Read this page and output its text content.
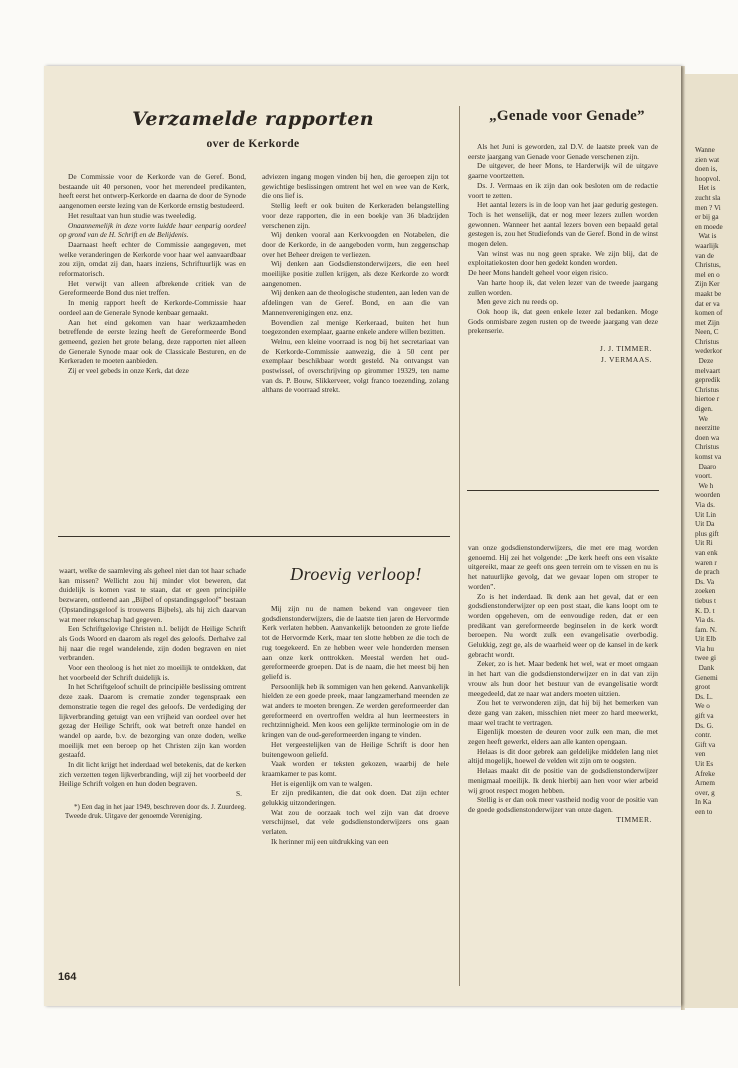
Verzamelde rapporten
over de Kerkorde

De Commissie voor de Kerkorde van de Geref. Bond, bestaande uit 40 personen, voor het merendeel predikanten, heeft eerst het ontwerp-Kerkorde en daarna de door de Synode aangenomen eerste lezing van de Kerkorde ernstig bestudeerd.

Het resultaat van hun studie was tweeledig.

Onaannemelijk in deze vorm luidde haar eenparig oordeel op grond van de H. Schrift en de Belijdenis.

Daarnaast heeft echter de Commissie aangegeven, met welke veranderingen de Kerkorde voor haar wel aanvaardbaar zou zijn, omdat zij dan, haars inziens, Schriftuurlijk was en reformatorisch.

Het verwijt van alleen afbrekende critiek van de Gereformeerde Bond dus niet treffen.

In menig rapport heeft de Kerkorde-Commissie haar oordeel aan de Generale Synode kenbaar gemaakt.

Aan het eind gekomen van haar werkzaamheden betreffende de eerste lezing heeft de Gereformeerde Bond gemeend, gezien het grote belang, deze rapporten niet alleen de Generale Synode maar ook de Classicale Besturen, en de Kerkeraden te moeten aanbieden.

Zij er veel gebeds in onze Kerk, dat deze

adviezen ingang mogen vinden bij hen, die geroepen zijn tot gewichtige beslissingen omtrent het wel en wee van de Kerk, die ons lief is.

Stellig leeft er ook buiten de Kerkeraden belangstelling voor deze rapporten, die in een boekje van 36 bladzijden verschenen zijn.

Wij denken vooral aan Kerkvoogden en Notabelen, die door de Kerkorde, in de aangeboden vorm, hun zeggenschap over het Beheer dreigen te verliezen.

Wij denken aan Godsdienstonderwijzers, die een heel moeilijke positie zullen krijgen, als deze Kerkorde zo wordt aangenomen.

Wij denken aan de theologische studenten, aan leden van de afdelingen van de Geref. Bond, en aan die van Mannenverenigingen enz. enz.

Bovendien zal menige Kerkeraad, buiten het hun toegezonden exemplaar, gaarne enkele andere willen bezitten.

Welnu, een kleine voorraad is nog bij het secretariaat van de Kerkorde-Commissie aanwezig, die à 50 cent per exemplaar beschikbaar wordt gesteld. Na ontvangst van postwissel, of overschrijving op girommer 19329, ten name van ds. P. Bouw, Slikkerveer, volgt franco toezending, zolang althans de voorraad strekt.

„Genade voor Genade”

Als het Juni is geworden, zal D.V. de laatste preek van de eerste jaargang van Genade voor Genade verschenen zijn.

De uitgever, de heer Mons, te Harderwijk wil de uitgave gaarne voortzetten.

Ds. J. Vermaas en ik zijn dan ook besloten om de redactie voort te zetten.

Het aantal lezers is in de loop van het jaar gedurig gestegen. Toch is het wenselijk, dat er nog meer lezers zullen worden gewonnen. Wanneer het aantal lezers boven een bepaald getal gestegen is, zou het Studiefonds van de Geref. Bond in de winst mogen delen.

Van winst was nu nog geen sprake. We zijn blij, dat de exploitatiekosten door hen gedekt konden worden.

De heer Mons handelt geheel voor eigen risico.

Van harte hoop ik, dat velen lezer van de tweede jaargang zullen worden.

Men geve zich nu reeds op.

Ook hoop ik, dat geen enkele lezer zal bedanken. Moge Gods onmisbare zegen rusten op de tweede jaargang van deze prekenserie.

J. J. TIMMER.
J. VERMAAS.

waart, welke de saamleving als geheel niet dan tot haar schade kan missen? Wellicht zou hij minder vlot beweren, dat duidelijk is komen vast te staan, dat er geen principiële bezwaren, ontleend aan „Bijbel of opstandingsgeloof” bestaan (Opstandingsgeloof is trouwens Bijbels), als hij zich daarvan wat meer rekenschap had gegeven.

Een Schriftgelovige Christen n.l. belijdt de Heilige Schrift als Gods Woord en daarom als regel des geloofs. Derhalve zal hij naar die regel wandelende, zijn doden begraven en niet verbranden.

Voor een theoloog is het niet zo moeilijk te ontdekken, dat het voorbeeld der Schrift duidelijk is.

In het Schriftgeloof schuilt de principiële beslissing omtrent deze zaak. Daarom is crematie zonder tegenspraak een demonstratie tegen die regel des geloofs. De verdediging der lijkverbranding getuigt van een vrijheid van oordeel over het gezag der Heilige Schrift, ook wat betreft onze handel en wandel op aarde, b.v. de bezorging van onze doden, welke moeilijk met een beroep op het Christen zijn kan worden gestaafd.

In dit licht krijgt het inderdaad wel betekenis, dat de kerken zich verzetten tegen lijkverbranding, wijl zij het voorbeeld der Heilige Schrift volgen en hun doden begraven.

S.

*) Een dag in het jaar 1949, beschreven door ds. J. Zuurdeeg. Tweede druk. Uitgave der genoemde Vereniging.

Droevig verloop!

Mij zijn nu de namen bekend van ongeveer tien godsdienstonderwijzers, die de laatste tien jaren de Hervormde Kerk verlaten hebben. Aanvankelijk betoonden ze grote liefde tot de Hervormde Kerk, maar ten slotte hebben ze die toch de rug toegekeerd. En ze hebben weer vele honderden mensen aan onze kerk onttrokken. Meestal werden het oud-gereformeerde groepen. Dat is de naam, die het meest bij hen geliefd is.

Persoonlijk heb ik sommigen van hen gekend. Aanvankelijk hielden ze een goede preek, maar langzamerhand meenden ze wat anders te moeten brengen. Ze werden gereformeerder dan gereformeerd en overtroffen weldra al hun leermeesters in rechtzinnigheid. Men koos een gelijkte terminologie om in de kringen van de oud-gereformeerden ingang te vinden.

Het vergeestelijken van de Heilige Schrift is door hen buitengewoon geliefd.

Vaak worden er teksten gekozen, waarbij de hele kraamkamer te pas komt.

Het is eigenlijk om van te walgen.

Er zijn predikanten, die dat ook doen. Dat zijn echter gelukkig uitzonderingen.

Wat zou de oorzaak toch wel zijn van dat droeve verschijnsel, dat vele godsdienstonderwijzers ons gaan verlaten.

Ik herinner mij een uitdrukking van een

van onze godsdienstonderwijzers, die met ere mag worden genoemd. Hij zei het volgende: „De kerk heeft ons een visakte uitgereikt, maar ze geeft ons geen terrein om te vissen en nu is het natuurlijke gevolg, dat we gevaar lopen om stroper te worden”.

Zo is het inderdaad. Ik denk aan het geval, dat er een godsdienstonderwijzer op een post staat, die kans loopt om te worden opgeheven, om de eenvoudige reden, dat er een predikant van gereformeerde beginselen in de kerk wordt beroepen. Nu wordt zulk een evangelisatie overbodig. Gelukkig, zegt ge, als de waarheid weer op de kansel in de kerk gebracht wordt.

Zeker, zo is het. Maar bedenk het wel, wat er moet omgaan in het hart van die godsdienstonderwijzer en in dat van zijn vrouw als hun door het bestuur van de evangelisatie wordt meegedeeld, dat ze naar wat anders moeten uitzien.

Zou het te verwonderen zijn, dat hij bij het bemerken van deze gang van zaken, misschien niet meer zo hard meewerkt, maar wel tracht te vertragen.

Eigenlijk moesten de deuren voor zulk een man, die met zegen heeft gewerkt, elders aan alle kanten opengaan.

Helaas is dit door gebrek aan geldelijke middelen lang niet altijd mogelijk, hoewel de velden wit zijn om te oogsten.

Helaas maakt dit de positie van de godsdienstonderwijzer menigmaal moeilijk. Ik denk hierbij aan hen voor wier arbeid wij groot respect mogen hebben.

Stellig is er dan ook meer vastheid nodig voor de positie van de goede godsdienstonderwijzer van onze dagen.

TIMMER.
164
Wanne
zien wat
doen is,
hoopvol.
Het is
zucht sla
men ? Vi
er bij ga
en moede
Wat is
waarlijk
van de
Christus,
mel en o
Zijn Ker
maakt be
dat er va
komen of
met Zijn
Neen, C
Christus
wederkor
Deze
melvaart
gepredik
Christus
hiertoe r
digen.
We
neerzitte
doen wa
Christus
komst va
Daaro
voort.
We h
woorden
Via ds.
Uit Lin
Uit Da
plus gift
Uit Ri
van enk
waren r
de prach
Ds. Va
zoeken
tiebus t
K. D. t
Via ds.
fam. N.
Uit Elb
Via hu
twee gi
Dank
Genemi
groot
Ds. L.
We o
gift va
Ds. G.
contr.
Gift va
ven
Uit Es
Afreke
Arnem
over, g
In Ka
een to
